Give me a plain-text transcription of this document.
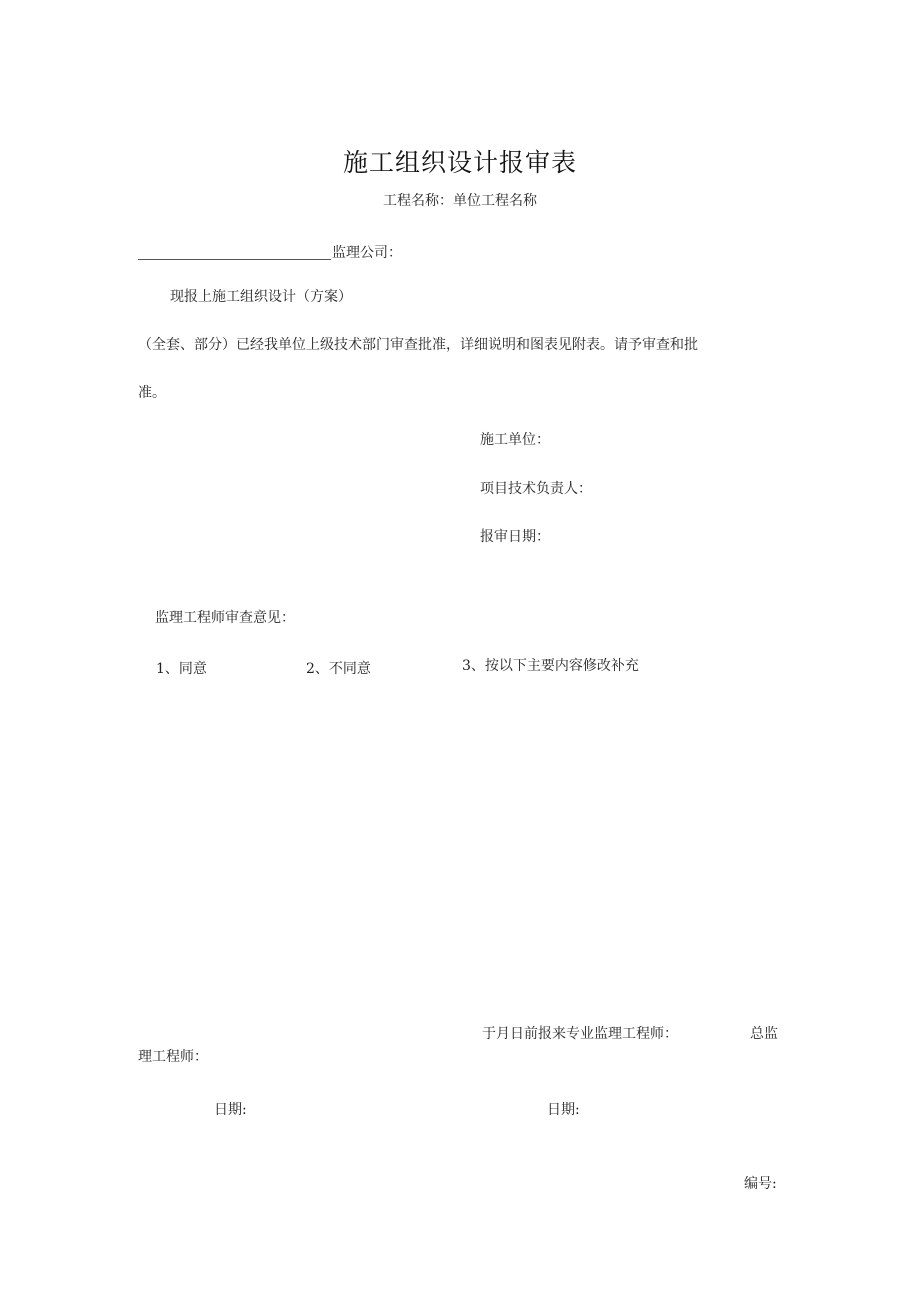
施工组织设计报审表
工程名称：单位工程名称
监理公司：
现报上施工组织设计（方案）
（全套、部分）已经我单位上级技术部门审查批准，详细说明和图表见附表。请予审查和批
准。
施工单位：
项目技术负责人：
报审日期：
监理工程师审查意见：
1、同意	2、不同意	3、按以下主要内容修改补充
于月日前报来专业监理工程师：	总监
理工程师：
日期:	日期:
编号:
